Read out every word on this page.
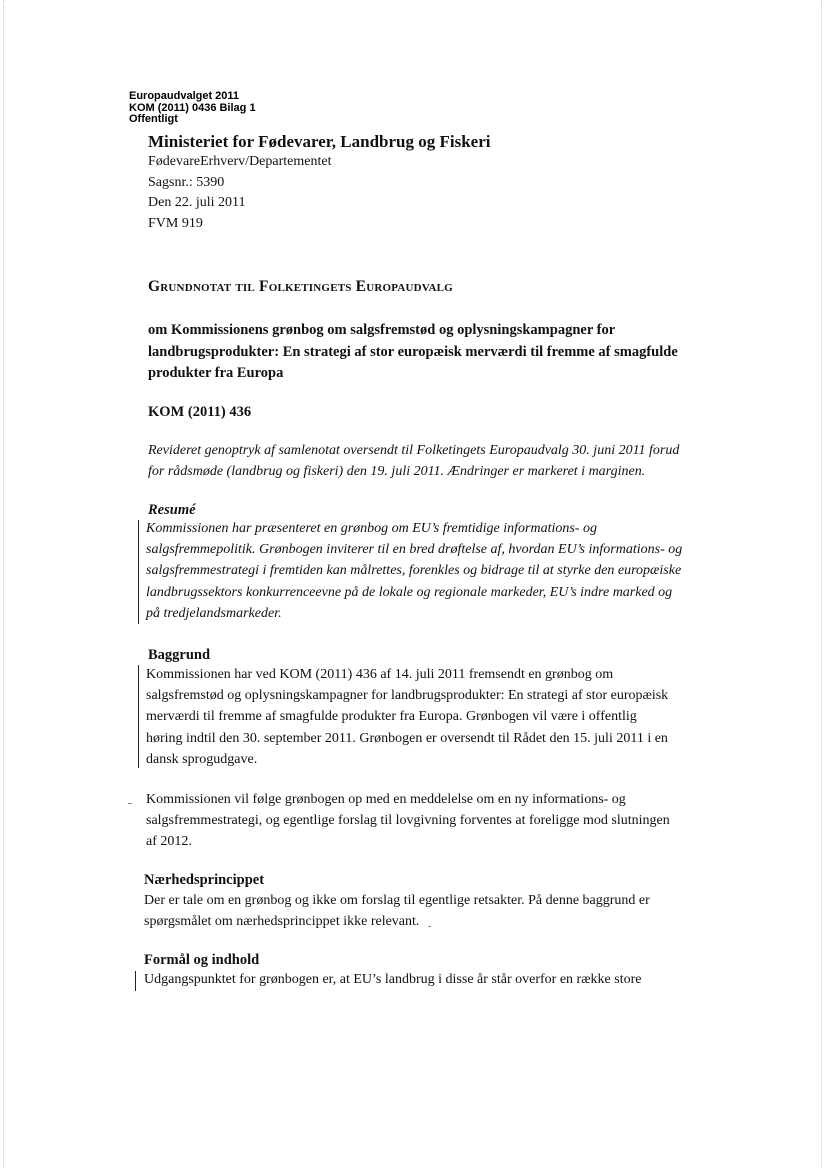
Europaudvalget 2011
KOM (2011) 0436 Bilag 1
Offentligt
Ministeriet for Fødevarer, Landbrug og Fiskeri
FødevareErhverv/Departementet
Sagsnr.: 5390
Den 22. juli 2011
FVM 919
Grundnotat til Folketingets Europaudvalg
om Kommissionens grønbog om salgsfremstød og oplysningskampagner for landbrugsprodukter: En strategi af stor europæisk merværdi til fremme af smagfulde produkter fra Europa
KOM (2011) 436
Revideret genoptryk af samlenotat oversendt til Folketingets Europaudvalg 30. juni 2011 forud for rådsmøde (landbrug og fiskeri) den 19. juli 2011. Ændringer er markeret i marginen.
Resumé
Kommissionen har præsenteret en grønbog om EU’s fremtidige informations- og salgsfremmepolitik. Grønbogen inviterer til en bred drøftelse af, hvordan EU’s informations- og salgsfremmestrategi i fremtiden kan målrettes, forenkles og bidrage til at styrke den europæiske landbrugssektors konkurrenceevne på de lokale og regionale markeder, EU’s indre marked og på tredjelandsmarkeder.
Baggrund
Kommissionen har ved KOM (2011) 436 af 14. juli 2011 fremsendt en grønbog om salgsfremstød og oplysningskampagner for landbrugsprodukter: En strategi af stor europæisk merværdi til fremme af smagfulde produkter fra Europa. Grønbogen vil være i offentlig høring indtil den 30. september 2011. Grønbogen er oversendt til Rådet den 15. juli 2011 i en dansk sprogudgave.
Kommissionen vil følge grønbogen op med en meddelelse om en ny informations- og salgsfremmestrategi, og egentlige forslag til lovgivning forventes at foreligge mod slutningen af 2012.
Nærhedsprincippet
Der er tale om en grønbog og ikke om forslag til egentlige retsakter. På denne baggrund er spørgsmålet om nærhedsprincippet ikke relevant.
Formål og indhold
Udgangspunktet for grønbogen er, at EU’s landbrug i disse år står overfor en række store
